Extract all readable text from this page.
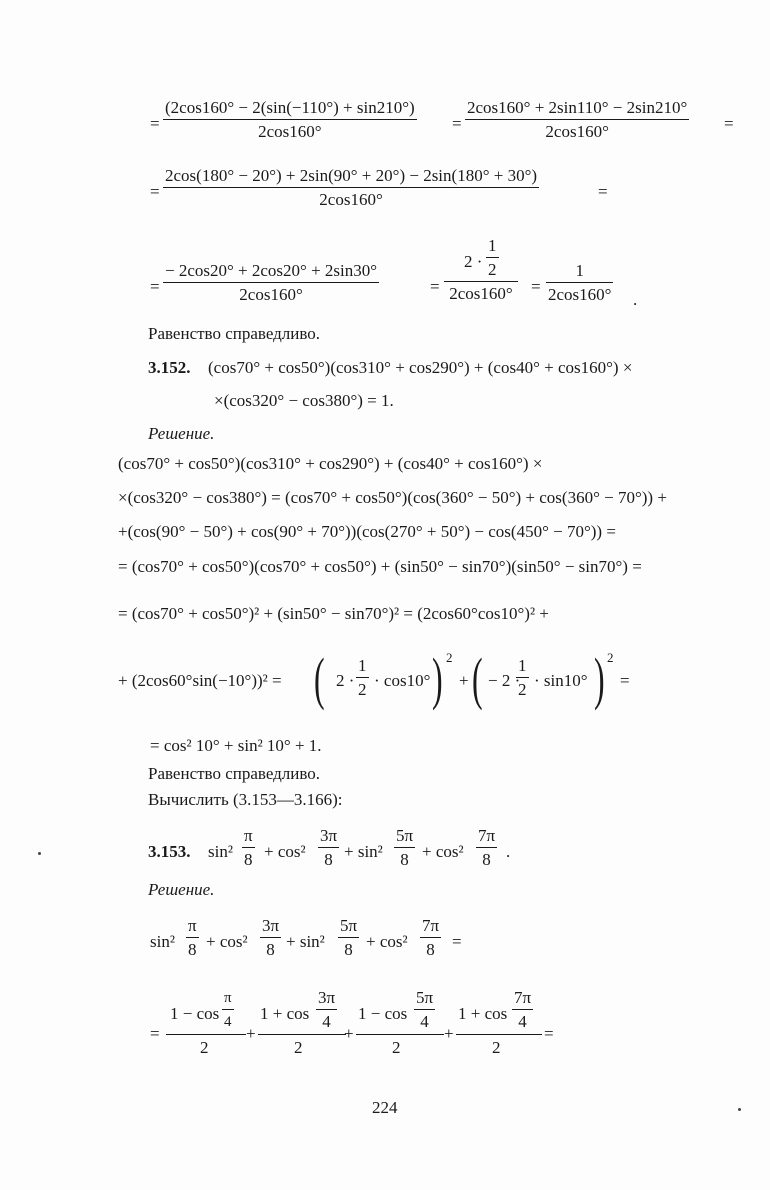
=
(2cos160° − 2(sin(−110°) + sin210°)
2cos160°	=
2cos160° + 2sin110° − 2sin210°
2cos160°	=
=
2cos(180° − 20°) + 2sin(90° + 20°) − 2sin(180° + 30°)
2cos160°	=
=
− 2cos20° + 2cos20° + 2sin30°
2cos160°	=
2 ·
1
2
2cos160° =
1
2cos160° .
Равенство справедливо.
3.152. (cos70° + cos50°)(cos310° + cos290°) + (cos40° + cos160°) ×
×(cos320° − cos380°) = 1.
Решение.
(cos70° + cos50°)(cos310° + cos290°) + (cos40° + cos160°) ×
×(cos320° − cos380°) = (cos70° + cos50°)(cos(360° − 50°) + cos(360° − 70°)) +
+(cos(90° − 50°) + cos(90° + 70°))(cos(270° + 50°) − cos(450° − 70°)) =
= (cos70° + cos50°)(cos70° + cos50°) + (sin50° − sin70°)(sin50° − sin70°) =
= (cos70° + cos50°)² + (sin50° − sin70°)² = (2cos60°cos10°)² +
+ (2cos60°sin(−10°))² = ( 2 ·
1
2 · cos10° ) 2
+ ( − 2 ·
1
2 · sin10° ) 2
=
= cos² 10° + sin² 10° + 1.
Равенство справедливо.
Вычислить (3.153—3.166):
3.153. sin²
π
8 + cos²
3π
8 + sin²
5π
8 + cos²
7π
8 .
Решение.
sin²
π
8 + cos²
3π
8 + sin²
5π
8 + cos²
7π
8 =
=
1 − cos
π
4
2
+
1 + cos
3π
4
2
+
1 − cos
5π
4
2
+
1 + cos
7π
4
2
=
224
